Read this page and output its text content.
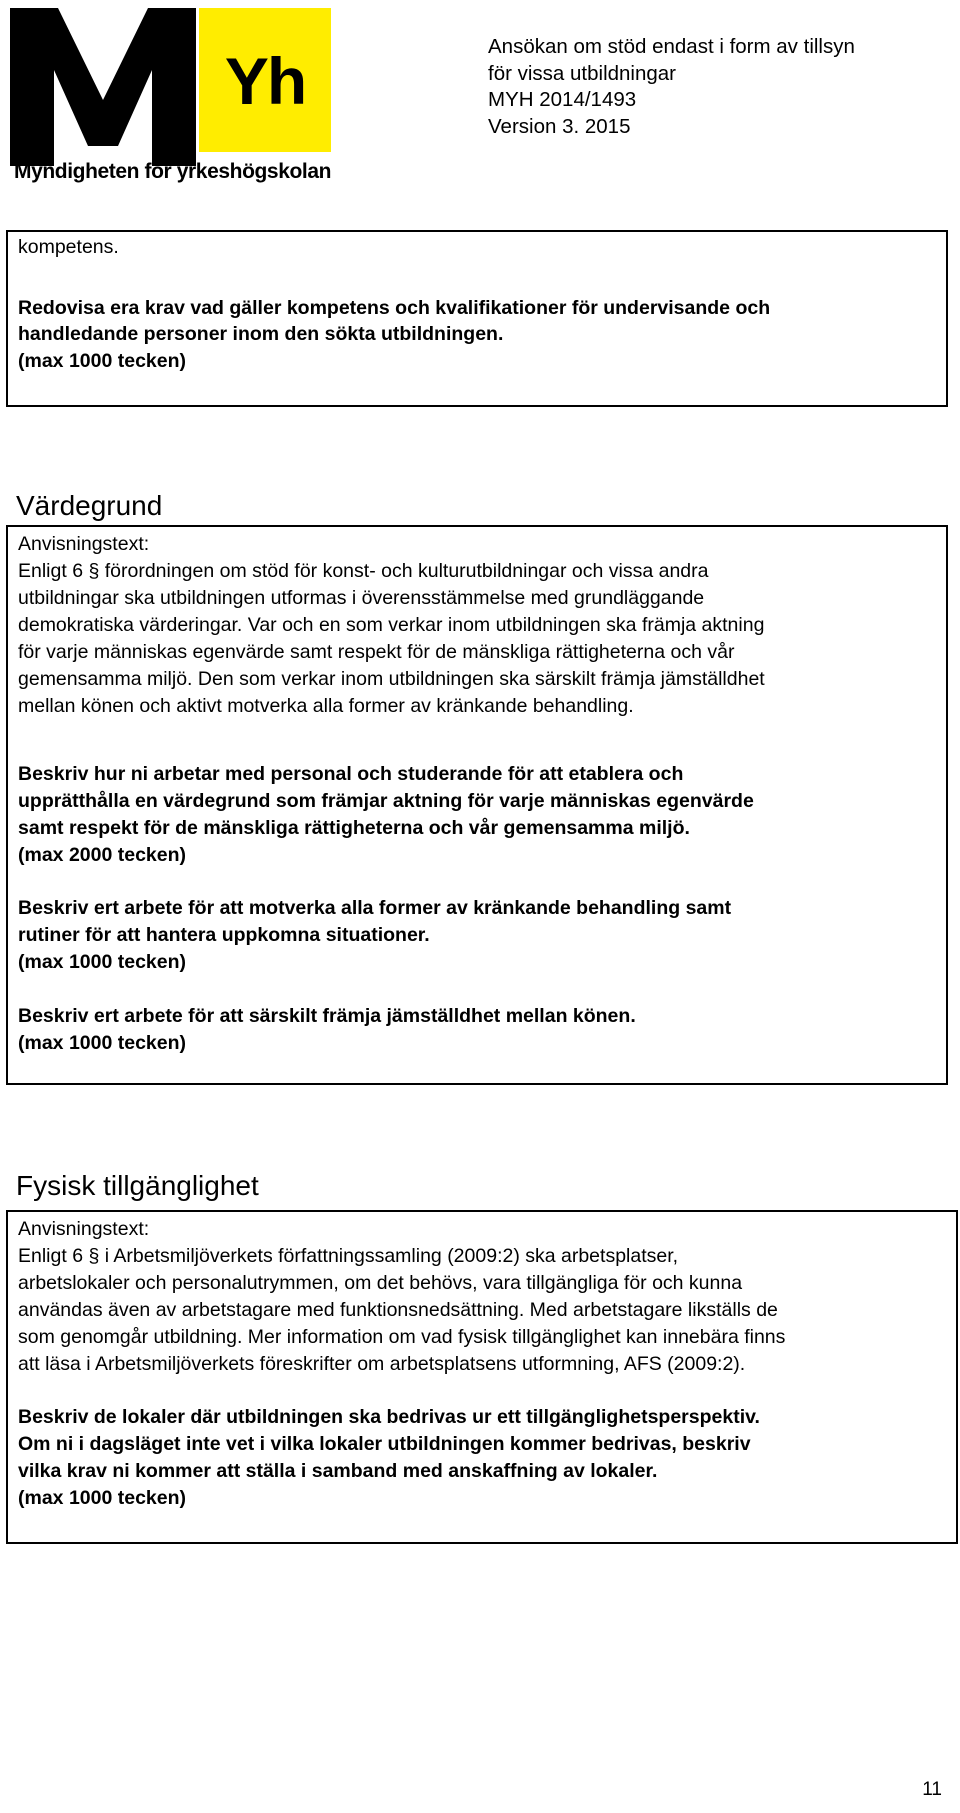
Yh
Myndigheten för yrkeshögskolan
Ansökan om stöd endast i form av tillsyn
för vissa utbildningar
MYH 2014/1493
Version 3. 2015
kompetens.
Redovisa era krav vad gäller kompetens och kvalifikationer för undervisande och
handledande personer inom den sökta utbildningen.
(max 1000 tecken)
Värdegrund
Anvisningstext:
Enligt 6 § förordningen om stöd för konst- och kulturutbildningar och vissa andra
utbildningar ska utbildningen utformas i överensstämmelse med grundläggande
demokratiska värderingar. Var och en som verkar inom utbildningen ska främja aktning
för varje människas egenvärde samt respekt för de mänskliga rättigheterna och vår
gemensamma miljö. Den som verkar inom utbildningen ska särskilt främja jämställdhet
mellan könen och aktivt motverka alla former av kränkande behandling.
Beskriv hur ni arbetar med personal och studerande för att etablera och
upprätthålla en värdegrund som främjar aktning för varje människas egenvärde
samt respekt för de mänskliga rättigheterna och vår gemensamma miljö.
(max 2000 tecken)
Beskriv ert arbete för att motverka alla former av kränkande behandling samt
rutiner för att hantera uppkomna situationer.
(max 1000 tecken)
Beskriv ert arbete för att särskilt främja jämställdhet mellan könen.
(max 1000 tecken)
Fysisk tillgänglighet
Anvisningstext:
Enligt 6 § i Arbetsmiljöverkets författningssamling (2009:2) ska arbetsplatser,
arbetslokaler och personalutrymmen, om det behövs, vara tillgängliga för och kunna
användas även av arbetstagare med funktionsnedsättning. Med arbetstagare likställs de
som genomgår utbildning. Mer information om vad fysisk tillgänglighet kan innebära finns
att läsa i Arbetsmiljöverkets föreskrifter om arbetsplatsens utformning, AFS (2009:2).
Beskriv de lokaler där utbildningen ska bedrivas ur ett tillgänglighetsperspektiv.
Om ni i dagsläget inte vet i vilka lokaler utbildningen kommer bedrivas, beskriv
vilka krav ni kommer att ställa i samband med anskaffning av lokaler.
(max 1000 tecken)
11
